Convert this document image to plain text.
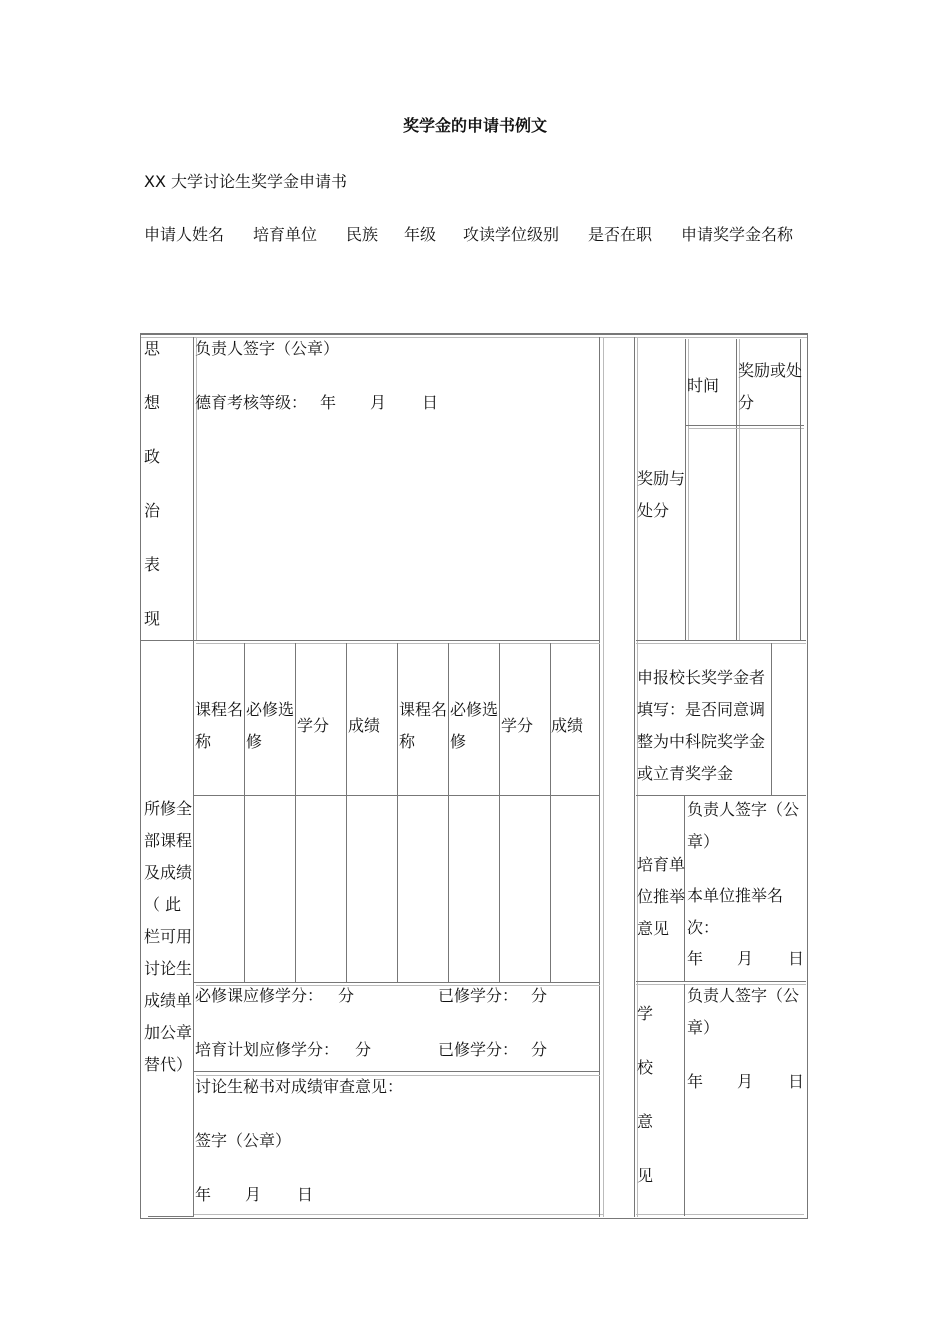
奖学金的申请书例文
XX 大学讨论生奖学金申请书
申请人姓名 培育单位 民族 年级 攻读学位级别 是否在职 申请奖学金名称
思
想
政
治
表
现
负责人签字（公章）
德育考核等级： 年 月 日
奖励与处分
时间
奖励或处分
所修全部课程及成绩（ 此栏可用讨论生成绩单加公章替代）
课程名称
必修选修
学分 成绩
课程名称
必修选修
学分 成绩
必修课应修学分： 分	已修学分： 分
培育计划应修学分： 分	已修学分： 分
讨论生秘书对成绩审查意见：
签字（公章）
年 月 日
申报校长奖学金者填写：是否同意调整为中科院奖学金或立青奖学金
培育单位推举意见
负责人签字（公章）
本单位推举名次：
年 月 日
学
校
意
见
负责人签字（公章）
年 月 日
